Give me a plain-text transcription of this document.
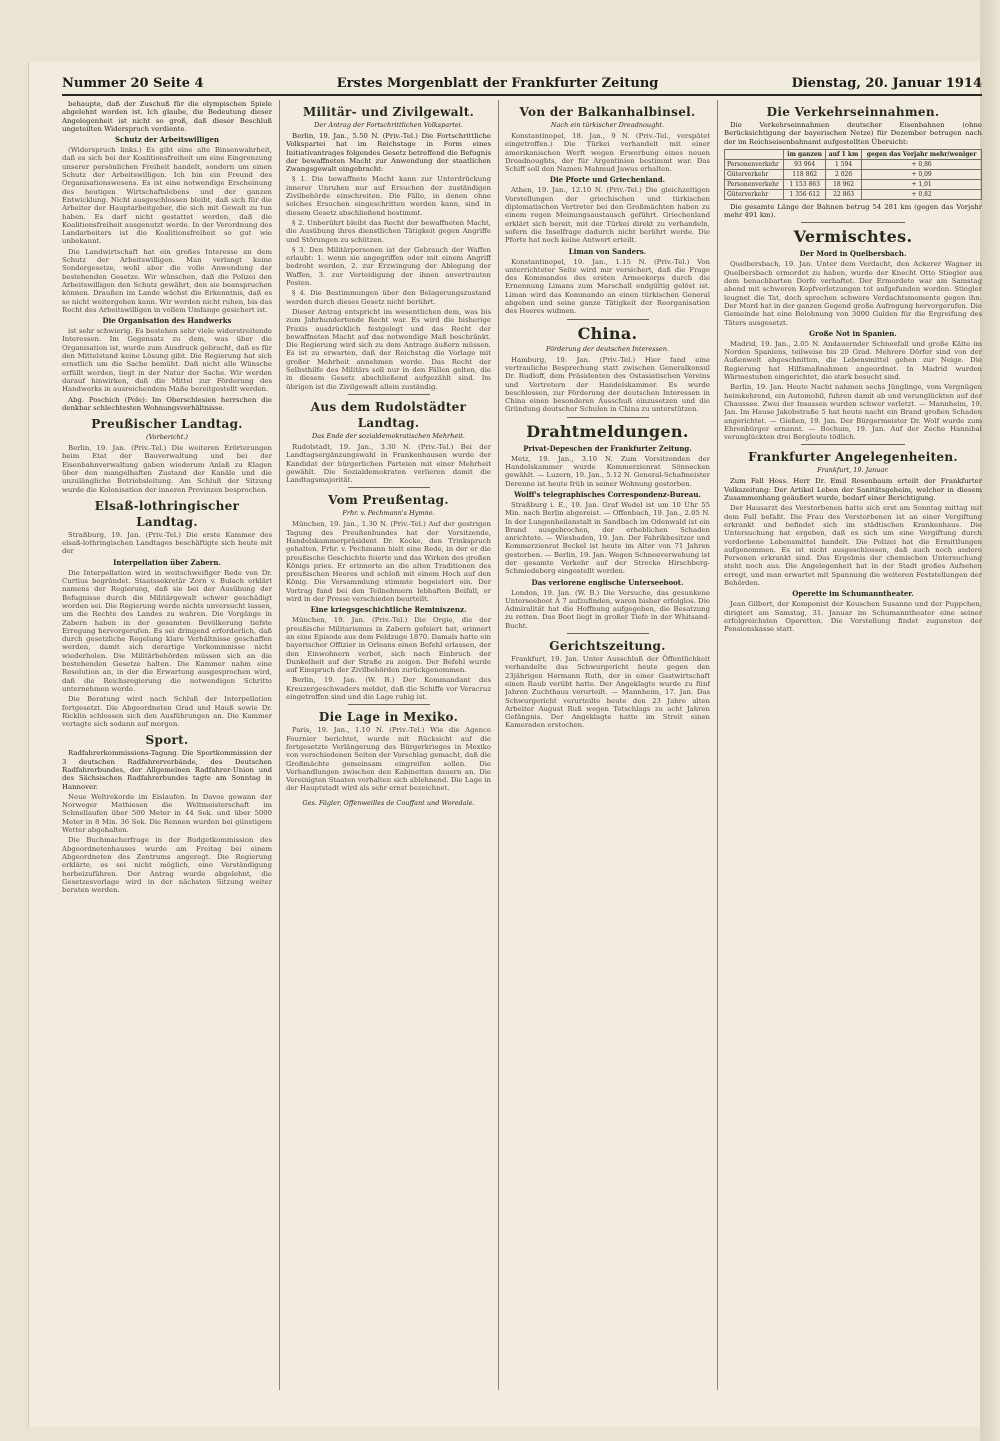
Nummer 20 Seite 4	Erstes Morgenblatt der Frankfurter Zeitung	Dienstag, 20. Januar 1914

behaupte, daß der Zuschuß für die olympischen Spiele abgelehnt worden ist. Ich glaube, die Bedeutung dieser Angelegenheit ist nicht so groß, daß dieser Beschluß ungeteilten Widerspruch verdiente.

Schutz der Arbeitswilligen

(Widerspruch links.) Es gibt eine alte Binsenwahrheit, daß es sich bei der Koalitionsfreiheit um eine Eingrenzung unserer persönlichen Freiheit handelt, sondern um einen Schutz der Arbeitswilligen. Ich bin ein Freund des Organisationswesens. Es ist eine notwendige Erscheinung des heutigen Wirtschaftslebens und der ganzen Entwicklung. Nicht ausgeschlossen bleibt, daß sich für die Arbeiter der Hauptarbeitgeber, die sich mit Gewalt zu tun haben. Es darf nicht gestattet werden, daß die Koalitionsfreiheit ausgenutzt werde. In der Verordnung des Landarbeiters ist die Koalitionsfreiheit so gut wie unbekannt.

Die Landwirtschaft hat ein großes Interesse an dem Schutz der Arbeitswilligen. Man verlangt keine Sondergesetze, wohl aber die volle Anwendung der bestehenden Gesetze. Wir wünschen, daß die Polizei den Arbeitswilligen den Schutz gewährt, den sie beanspruchen können. Draußen im Lande wächst die Erkenntnis, daß es so nicht weitergehen kann. Wir werden nicht ruhen, bis das Recht des Arbeitswilligen in vollem Umfange gesichert ist.

Die Organisation des Handwerks

ist sehr schwierig. Es bestehen sehr viele widerstreitende Interessen. Im Gegensatz zu dem, was über die Organisation ist, wurde zum Ausdruck gebracht, daß es für den Mittelstand keine Lösung gibt. Die Regierung hat sich ernstlich um die Sache bemüht. Daß nicht alle Wünsche erfüllt werden, liegt in der Natur der Sache. Wir werden darauf hinwirken, daß die Mittel zur Förderung des Handwerks in ausreichendem Maße bereitgestellt werden.

Abg. Poschich (Pole): Im Oberschlesien herrschen die denkbar schlechtesten Wohnungsverhältnisse.

Preußischer Landtag.
(Vorbericht.)

Berlin, 19. Jan. (Priv.-Tel.) Die weiteren Erörterungen beim Etat der Bauverwaltung und bei der Eisenbahnverwaltung gaben wiederum Anlaß zu Klagen über den mangelhaften Zustand der Kanäle und die unzulängliche Betriebsleitung. Am Schluß der Sitzung wurde die Kolonisation der inneren Provinzen besprochen.

Elsaß-lothringischer Landtag.

Straßburg, 19. Jan. (Priv.-Tel.) Die erste Kammer des elsaß-lothringischen Landtages beschäftigte sich heute mit der

Interpellation über Zabern.

Die Interpellation wird in weitschweifiger Rede von Dr. Curtius begründet. Staatssekretär Zorn v. Bulach erklärt namens der Regierung, daß sie bei der Ausübung der Befugnisse durch die Militärgewalt schwer geschädigt worden sei. Die Regierung werde nichts unversucht lassen, um die Rechte des Landes zu wahren. Die Vorgänge in Zabern haben in der gesamten Bevölkerung tiefste Erregung hervorgerufen. Es sei dringend erforderlich, daß durch gesetzliche Regelung klare Verhältnisse geschaffen werden, damit sich derartige Vorkommnisse nicht wiederholen. Die Militärbehörden müssen sich an die bestehenden Gesetze halten. Die Kammer nahm eine Resolution an, in der die Erwartung ausgesprochen wird, daß die Reichsregierung die notwendigen Schritte unternehmen werde.

Die Beratung wird nach Schluß der Interpellation fortgesetzt. Die Abgeordneten Grad und Hauß sowie Dr. Ricklin schlossen sich den Ausführungen an. Die Kammer vertagte sich sodann auf morgen.

Sport.

Radfahrerkommissions-Tagung. Die Sportkommission der 3 deutschen Radfahrerverbände, des Deutschen Radfahrerbundes, der Allgemeinen Radfahrer-Union und des Sächsischen Radfahrerbundes tagte am Sonntag in Hannover.

Neue Weltrekorde im Eislaufen. In Davos gewann der Norweger Mathiesen die Weltmeisterschaft im Schnellaufen über 500 Meter in 44 Sek. und über 5000 Meter in 8 Min. 36 Sek. Die Rennen wurden bei günstigem Wetter abgehalten.

Die Buchmacherfrage in der Budgetkommission des Abgeordnetenhauses wurde am Freitag bei einem Abgeordneten des Zentrums angeregt. Die Regierung erklärte, es sei nicht möglich, eine Verständigung herbeizuführen. Der Antrag wurde abgelehnt, die Gesetzesvorlage wird in der nächsten Sitzung weiter beraten werden.

Militär- und Zivilgewalt.
Der Antrag der Fortschrittlichen Volkspartei.

Berlin, 19. Jan., 5.50 N. (Priv.-Tel.) Die Fortschrittliche Volkspartei hat im Reichstage in Form eines Initiativantrages folgendes Gesetz betreffend die Befugnis der bewaffneten Macht zur Anwendung der staatlichen Zwangsgewalt eingebracht:

§ 1. Die bewaffnete Macht kann zur Unterdrückung innerer Unruhen nur auf Ersuchen der zuständigen Zivilbehörde einschreiten. Die Fälle, in denen ohne solches Ersuchen eingeschritten werden kann, sind in diesem Gesetz abschließend bestimmt.

§ 2. Unberührt bleibt das Recht der bewaffneten Macht, die Ausübung ihres dienstlichen Tätigkeit gegen Angriffe und Störungen zu schützen.

§ 3. Den Militärpersonen ist der Gebrauch der Waffen erlaubt: 1. wenn sie angegriffen oder mit einem Angriff bedroht werden, 2. zur Erzwingung der Ablegung der Waffen, 3. zur Verteidigung der ihnen anvertrauten Posten.

§ 4. Die Bestimmungen über den Belagerungszustand werden durch dieses Gesetz nicht berührt.

Dieser Antrag entspricht im wesentlichen dem, was bis zum Jahrhundertende Recht war. Es wird die bisherige Praxis ausdrücklich festgelegt und das Recht der bewaffneten Macht auf das notwendige Maß beschränkt. Die Regierung wird sich zu dem Antrage äußern müssen. Es ist zu erwarten, daß der Reichstag die Vorlage mit großer Mehrheit annehmen werde. Das Recht der Selbsthilfe des Militärs soll nur in den Fällen gelten, die in diesem Gesetz abschließend aufgezählt sind. Im übrigen ist die Zivilgewalt allein zuständig.

Aus dem Rudolstädter Landtag.
Das Ende der sozialdemokratischen Mehrheit.

Rudolstadt, 19. Jan., 3.30 N. (Priv.-Tel.) Bei der Landtagsergänzungswahl in Frankenhausen wurde der Kandidat der bürgerlichen Parteien mit einer Mehrheit gewählt. Die Sozialdemokraten verlieren damit die Landtagsmajorität.

Vom Preußentag.
Frhr. v. Pechmann's Hymne.

München, 19. Jan., 1.30 N. (Priv.-Tel.) Auf der gestrigen Tagung des Preußenbundes hat der Vorsitzende, Handelskammerpräsident Dr. Kocke, den Trinkspruch gehalten. Frhr. v. Pechmann hielt eine Rede, in der er die preußische Geschichte feierte und das Wirken des großen Königs pries. Er erinnerte an die alten Traditionen des preußischen Heeres und schloß mit einem Hoch auf den König. Die Versammlung stimmte begeistert ein. Der Vortrag fand bei den Teilnehmern lebhaften Beifall, er wird in der Presse verschieden beurteilt.

Eine kriegsgeschichtliche Reminiszenz.

München, 19. Jan. (Priv.-Tel.) Die Orgie, die der preußische Militarismus in Zabern gefeiert hat, erinnert an eine Episode aus dem Feldzuge 1870. Damals hatte ein bayerischer Offizier in Orleans einen Befehl erlassen, der den Einwohnern verbot, sich nach Einbruch der Dunkelheit auf der Straße zu zeigen. Der Befehl wurde auf Einspruch der Zivilbehörden zurückgenommen.

Berlin, 19. Jan. (W. B.) Der Kommandant des Kreuzergeschwaders meldet, daß die Schiffe vor Veracruz eingetroffen sind und die Lage ruhig ist.

Die Lage in Mexiko.

Paris, 19. Jan., 1.10 N. (Priv.-Tel.) Wie die Agence Fournier berichtet, wurde mit Rücksicht auf die fortgesetzte Verlängerung des Bürgerkrieges in Mexiko von verschiedenen Seiten der Vorschlag gemacht, daß die Großmächte gemeinsam eingreifen sollen. Die Verhandlungen zwischen den Kabinetten dauern an. Die Vereinigten Staaten verhalten sich ablehnend. Die Lage in der Hauptstadt wird als sehr ernst bezeichnet.

Ges. Fägler, Offenweilles de Couffant und Woredale.
Von der Balkanhalbinsel.
Nach ein türkischer Dreadnought.

Konstantinopel, 18. Jan., 9 N. (Priv.-Tel., verspätet eingetroffen.) Die Türkei verhandelt mit einer amerikanischen Werft wegen Erwerbung eines neuen Dreadnoughts, der für Argentinien bestimmt war. Das Schiff soll den Namen Mahmud Jawus erhalten.

Die Pforte und Griechenland.

Athen, 19. Jan., 12.10 N. (Priv.-Tel.) Die gleichzeitigen Vorstellungen der griechischen und türkischen diplomatischen Vertreter bei den Großmächten haben zu einem regen Meinungsaustausch geführt. Griechenland erklärt sich bereit, mit der Türkei direkt zu verhandeln, sofern die Inselfrage dadurch nicht berührt werde. Die Pforte hat noch keine Antwort erteilt.

Liman von Sanders.

Konstantinopel, 19. Jan., 1.15 N. (Priv.-Tel.) Von unterrichteter Seite wird mir versichert, daß die Frage des Kommandos des ersten Armeekorps durch die Ernennung Limans zum Marschall endgültig gelöst ist. Liman wird das Kommando an einen türkischen General abgeben und seine ganze Tätigkeit der Reorganisation des Heeres widmen.

China.
Förderung der deutschen Interessen.

Hamburg, 19. Jan. (Priv.-Tel.) Hier fand eine vertrauliche Besprechung statt zwischen Generalkonsul Dr. Rudloff, dem Präsidenten des Ostasiatischen Vereins und Vertretern der Handelskammer. Es wurde beschlossen, zur Förderung der deutschen Interessen in China einen besonderen Ausschuß einzusetzen und die Gründung deutscher Schulen in China zu unterstützen.

Drahtmeldungen.
Privat-Depeschen der Frankfurter Zeitung.

Metz, 19. Jan., 3.10 N. Zum Vorsitzenden der Handelskammer wurde Kommerzienrat Sönnecken gewählt. — Luzern, 19. Jan., 5.12 N. General-Schafmeister Derenne ist heute früh in seiner Wohnung gestorben.

Wolff's telegraphisches Correspondenz-Bureau.

Straßburg i. E., 19. Jan. Graf Wedel ist um 10 Uhr 55 Min. nach Berlin abgereist. — Offenbach, 19. Jan., 2.05 N. In der Lungenheilanstalt in Sandbach im Odenwald ist ein Brand ausgebrochen, der erheblichen Schaden anrichtete. — Wiesbaden, 19. Jan. Der Fabrikbesitzer und Kommerzienrat Beckel ist heute im Alter von 71 Jahren gestorben. — Berlin, 19. Jan. Wegen Schneeverwehung ist der gesamte Verkehr auf der Strecke Hirschberg-Schmiedeberg eingestellt worden.

Das verlorene englische Unterseeboot.

London, 19. Jan. (W. B.) Die Versuche, das gesunkene Unterseeboot A 7 aufzufinden, waren bisher erfolglos. Die Admiralität hat die Hoffnung aufgegeben, die Besatzung zu retten. Das Boot liegt in großer Tiefe in der Whitsand-Bucht.

Gerichtszeitung.

Frankfurt, 19. Jan. Unter Ausschluß der Öffentlichkeit verhandelte das Schwurgericht heute gegen den 23jährigen Hermann Ruth, der in einer Gastwirtschaft einen Raub verübt hatte. Der Angeklagte wurde zu fünf Jahren Zuchthaus verurteilt. — Mannheim, 17. Jan. Das Schwurgericht verurteilte heute den 23 Jahre alten Arbeiter August Ruß wegen Totschlags zu acht Jahren Gefängnis. Der Angeklagte hatte im Streit einen Kameraden erstochen.

Die Verkehrseinnahmen.

Die Verkehrseinnahmen deutscher Eisenbahnen (ohne Berücksichtigung der bayerischen Netze) für Dezember betrugen nach der im Reichseisenbahnamt aufgestellten Übersicht:

	im ganzen	auf 1 km	gegen das Vorjahr mehr/weniger
Personenverkehr	93 964	1 594	+ 0,86
Güterverkehr	118 862	2 026	+ 0,09
Personenverkehr	1 153 863	18 962	+ 1,01
Güterverkehr	1 356 612	22 863	+ 0,82

Die gesamte Länge der Bahnen betrug 54 281 km (gegen das Vorjahr mehr 491 km).

Vermischtes.
Der Mord in Quelbersbach.

Quelbersbach, 19. Jan. Unter dem Verdacht, den Ackerer Wagner in Quelbersbach ermordet zu haben, wurde der Knecht Otto Stiegler aus dem benachbarten Dorfe verhaftet. Der Ermordete war am Samstag abend mit schweren Kopfverletzungen tot aufgefunden worden. Stiegler leugnet die Tat, doch sprechen schwere Verdachtsmomente gegen ihn. Der Mord hat in der ganzen Gegend große Aufregung hervorgerufen. Die Gemeinde hat eine Belohnung von 3000 Gulden für die Ergreifung des Täters ausgesetzt.

Große Not in Spanien.

Madrid, 19. Jan., 2.05 N. Andauernder Schneefall und große Kälte im Norden Spaniens, teilweise bis 20 Grad. Mehrere Dörfer sind von der Außenwelt abgeschnitten, die Lebensmittel gehen zur Neige. Die Regierung hat Hilfsmaßnahmen angeordnet. In Madrid wurden Wärmestuben eingerichtet, die stark besucht sind.

Berlin, 19. Jan. Heute Nacht nahmen sechs Jünglinge, vom Vergnügen heimkehrend, ein Automobil, fuhren damit ab und verunglückten auf der Chaussee. Zwei der Insassen wurden schwer verletzt. — Mannheim, 19. Jan. Im Hause Jakobstraße 5 hat heute nacht ein Brand großen Schaden angerichtet. — Gießen, 19. Jan. Der Bürgermeister Dr. Wolf wurde zum Ehrenbürger ernannt. — Bochum, 19. Jan. Auf der Zeche Hannibal verunglückten drei Bergleute tödlich.

Frankfurter Angelegenheiten.
Frankfurt, 19. Januar.

Zum Fall Hoss. Herr Dr. Emil Rosenbaum erteilt der Frankfurter Volkszeitung: Der Artikel Leben der Sanitätsgeheim, welcher in diesem Zusammenhang geäußert wurde, bedarf einer Berichtigung.

Der Hausarzt des Verstorbenen hatte sich erst am Sonntag mittag mit dem Fall befaßt. Die Frau des Verstorbenen ist an einer Vergiftung erkrankt und befindet sich im städtischen Krankenhaus. Die Untersuchung hat ergeben, daß es sich um eine Vergiftung durch verdorbene Lebensmittel handelt. Die Polizei hat die Ermittlungen aufgenommen. Es ist nicht ausgeschlossen, daß auch noch andere Personen erkrankt sind. Das Ergebnis der chemischen Untersuchung steht noch aus. Die Angelegenheit hat in der Stadt großes Aufsehen erregt, und man erwartet mit Spannung die weiteren Feststellungen der Behörden.

Operette im Schumanntheater.

Jean Gilbert, der Komponist der Keuschen Susanne und der Puppchen, dirigiert am Samstag, 31. Januar im Schumanntheater eine seiner erfolgreichsten Operetten. Die Vorstellung findet zugunsten der Pensionskasse statt.
